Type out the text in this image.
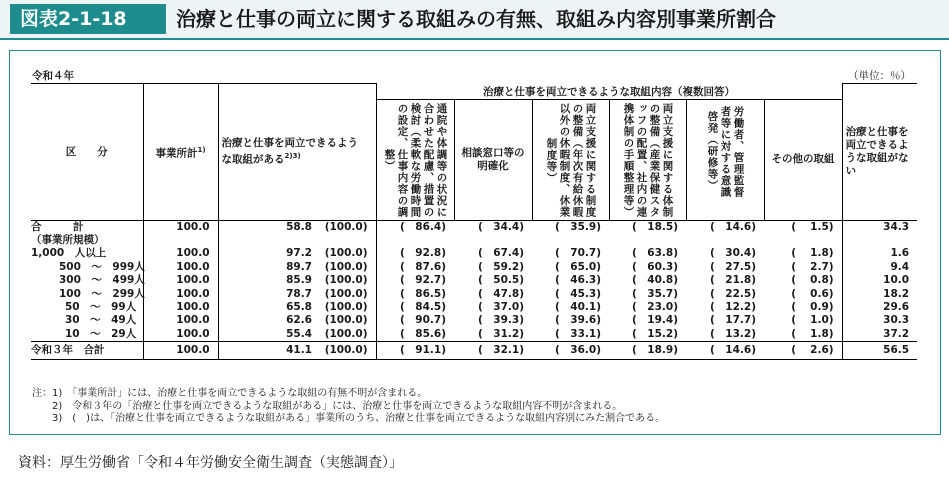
図表2-1-18	治療と仕事の両立に関する取組みの有無、取組み内容別事業所割合
令和４年	（単位：％）
区　　分	事業所計$^{1)}$	治療と仕事を両立できるような取組がある$^{2)3)}$		治療と仕事を両立できるような取組内容（複数回答）						治療と仕事を両立できるような取組がない

				通院や体調等の状況に合わせた配慮、措置の検討（柔軟な労働時間の設定、仕事内容の調整）	相談窓口等の明確化	両立支援に関する制度の整備（年次有給休暇以外の休暇制度、休業制度等）	両立支援に関する体制の整備（産業保健スタッフの配置、社内の連携体制の手順整理等）	労働者、管理監督者等に対する意識啓発（研修等）	その他の取組	

合　　　計	100.0	58.8	(100.0)	(　86.4)	(　34.4)	(　35.9)	(　18.5)	(　14.6)	(　 1.5)	34.3
（事業所規模）										
1,000　人以上	100.0	97.2	(100.0)	(　92.8)	(　67.4)	(　70.7)	(　63.8)	(　30.4)	(　 1.8)	1.6
500　～　999人	100.0	89.7	(100.0)	(　87.6)	(　59.2)	(　65.0)	(　60.3)	(　27.5)	(　 2.7)	9.4
300　～　499人	100.0	85.9	(100.0)	(　92.7)	(　50.5)	(　46.3)	(　40.8)	(　21.8)	(　 0.8)	10.0
100　～　299人	100.0	78.7	(100.0)	(　86.5)	(　47.8)	(　45.3)	(　35.7)	(　22.5)	(　 0.6)	18.2
50　～　99人	100.0	65.8	(100.0)	(　84.5)	(　37.0)	(　40.1)	(　23.0)	(　12.2)	(　 0.9)	29.6
30　～　49人	100.0	62.6	(100.0)	(　90.7)	(　39.3)	(　39.6)	(　19.4)	(　17.7)	(　 1.0)	30.3
10　～　29人	100.0	55.4	(100.0)	(　85.6)	(　31.2)	(　33.1)	(　15.2)	(　13.2)	(　 1.8)	37.2
令和３年　合計	100.0	41.1	(100.0)	(　91.1)	(　32.1)	(　36.0)	(　18.9)	(　14.6)	(　 2.6)	56.5
注：1)　「事業所計」には、治療と仕事を両立できるような取組の有無不明が含まれる。
　　2)　令和３年の「治療と仕事を両立できるような取組がある」には、治療と仕事を両立できるような取組内容不明が含まれる。
　　3)　(　)は、「治療と仕事を両立できるような取組がある」事業所のうち、治療と仕事を両立できるような取組内容別にみた割合である。
資料：厚生労働省「令和４年労働安全衛生調査（実態調査）」
